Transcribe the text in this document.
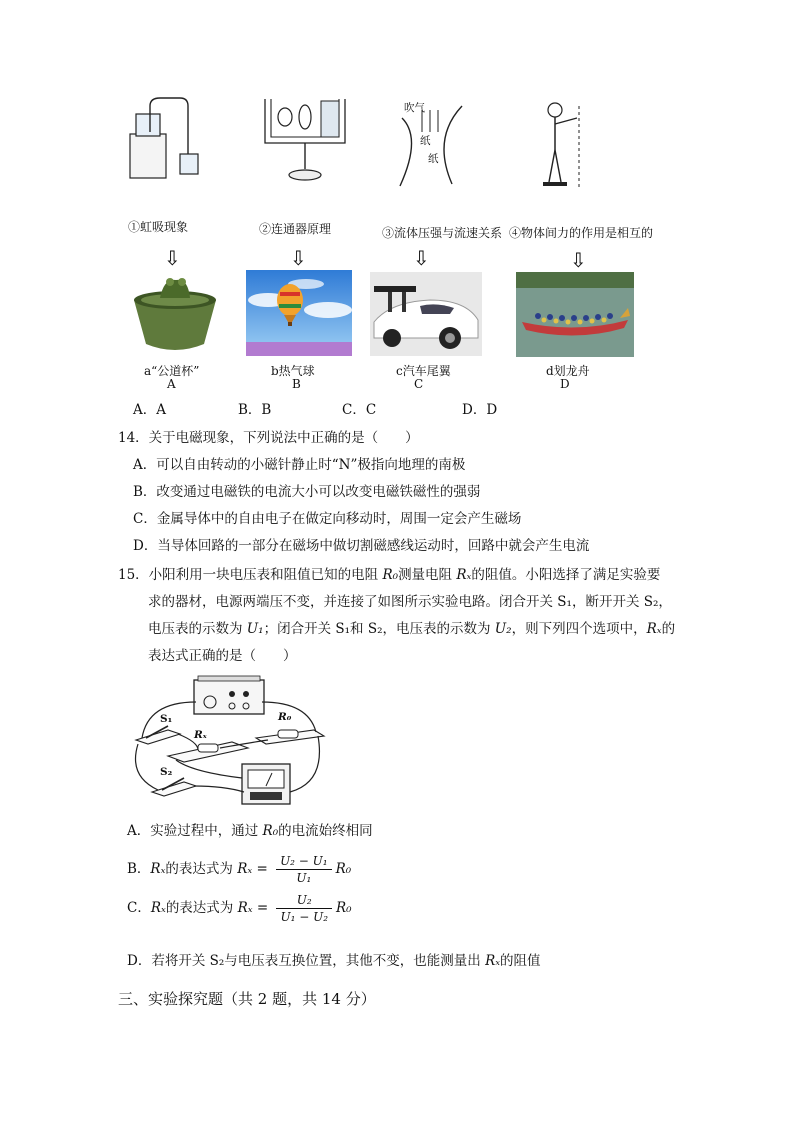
吹气
纸
纸
①虹吸现象	②连通器原理	③流体压强与流速关系 ④物体间力的作用是相互的
⇩	⇩	⇩	⇩
a“公道杯”	b热气球	c汽车尾翼	d划龙舟
A	B	C	D
A．A	B．B	C．C	D．D
14．关于电磁现象，下列说法中正确的是（　　）
A．可以自由转动的小磁针静止时“N”极指向地理的南极
B．改变通过电磁铁的电流大小可以改变电磁铁磁性的强弱
C．金属导体中的自由电子在做定向移动时，周围一定会产生磁场
D．当导体回路的一部分在磁场中做切割磁感线运动时，回路中就会产生电流
15．小阳利用一块电压表和阻值已知的电阻 R₀测量电阻 Rₓ的阻值。小阳选择了满足实验要
求的器材，电源两端压不变，并连接了如图所示实验电路。闭合开关 S₁，断开开关 S₂，
电压表的示数为 U₁；闭合开关 S₁和 S₂，电压表的示数为 U₂，则下列四个选项中，Rₓ的
表达式正确的是（　　）
S₁
Rₓ
R₀
S₂
A．实验过程中，通过 R₀的电流始终相同
B．Rₓ的表达式为 $R_x = \frac{\text{U₂ − U₁}}{\text{U₁}} R_0$
C．Rₓ的表达式为 $R_x = \frac{\text{U₂}}{\text{U₁ − U₂}} R_0$
D．若将开关 S₂与电压表互换位置，其他不变，也能测量出 Rₓ的阻值
三、实验探究题（共 2 题，共 14 分）
